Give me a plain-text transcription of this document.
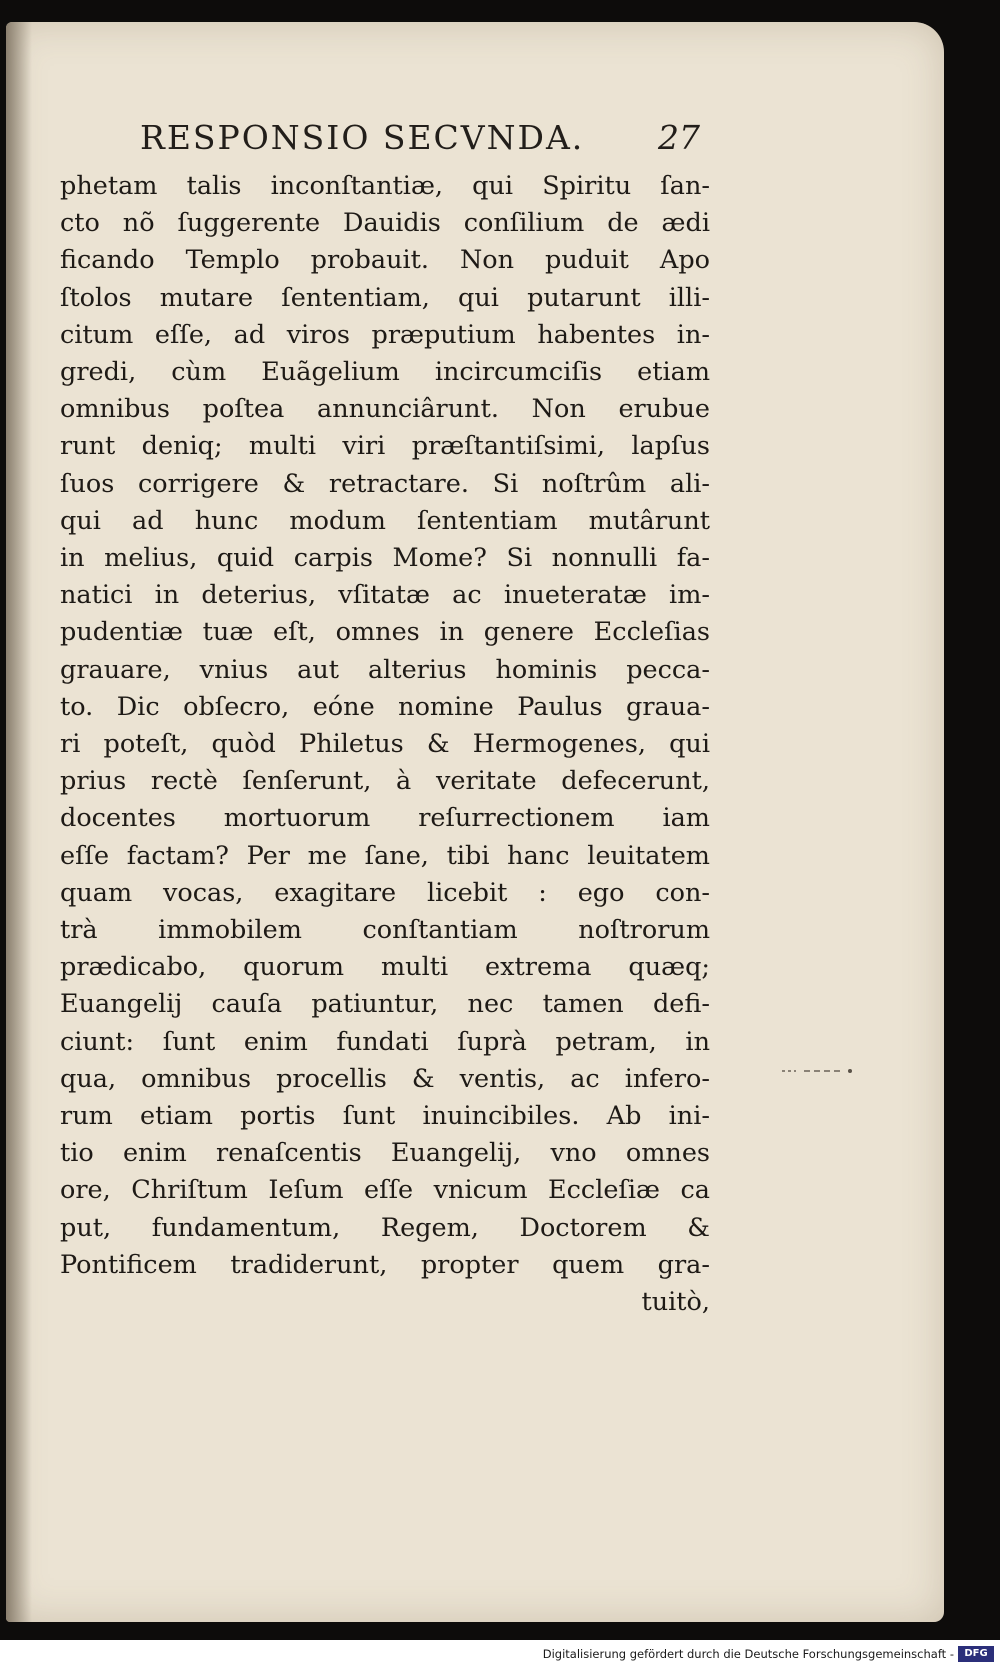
RESPONSIO SECVNDA. 27
phetam talis inconſtantiæ, qui Spiritu ſan-
cto nõ ſuggerente Dauidis conſilium de ædi
ficando Templo probauit. Non puduit Apo
ſtolos mutare ſententiam, qui putarunt illi-
citum eſſe, ad viros præputium habentes in-
gredi, cùm Euãgelium incircumciſis etiam
omnibus poſtea annunciârunt. Non erubue
runt deniq; multi viri præſtantiſsimi, lapſus
ſuos corrigere & retractare. Si noſtrûm ali-
qui ad hunc modum ſententiam mutârunt
in melius, quid carpis Mome? Si nonnulli fa-
natici in deterius, vſitatæ ac inueteratæ im-
pudentiæ tuæ eſt, omnes in genere Eccleſias
grauare, vnius aut alterius hominis pecca-
to. Dic obſecro, eóne nomine Paulus graua-
ri poteſt, quòd Philetus & Hermogenes, qui
prius rectè ſenſerunt, à veritate defecerunt,
docentes mortuorum reſurrectionem iam
eſſe factam? Per me ſane, tibi hanc leuitatem
quam vocas, exagitare licebit : ego con-
trà immobilem conſtantiam noſtrorum
prædicabo, quorum multi extrema quæq;
Euangelij cauſa patiuntur, nec tamen defi-
ciunt: ſunt enim fundati ſuprà petram, in
qua, omnibus procellis & ventis, ac infero-
rum etiam portis ſunt inuincibiles. Ab ini-
tio enim renaſcentis Euangelij, vno omnes
ore, Chriſtum Ieſum eſſe vnicum Eccleſiæ ca
put, fundamentum, Regem, Doctorem &
Pontificem tradiderunt, propter quem gra-
tuitò,
Digitalisierung gefördert durch die Deutsche Forschungsgemeinschaft -	DFG
